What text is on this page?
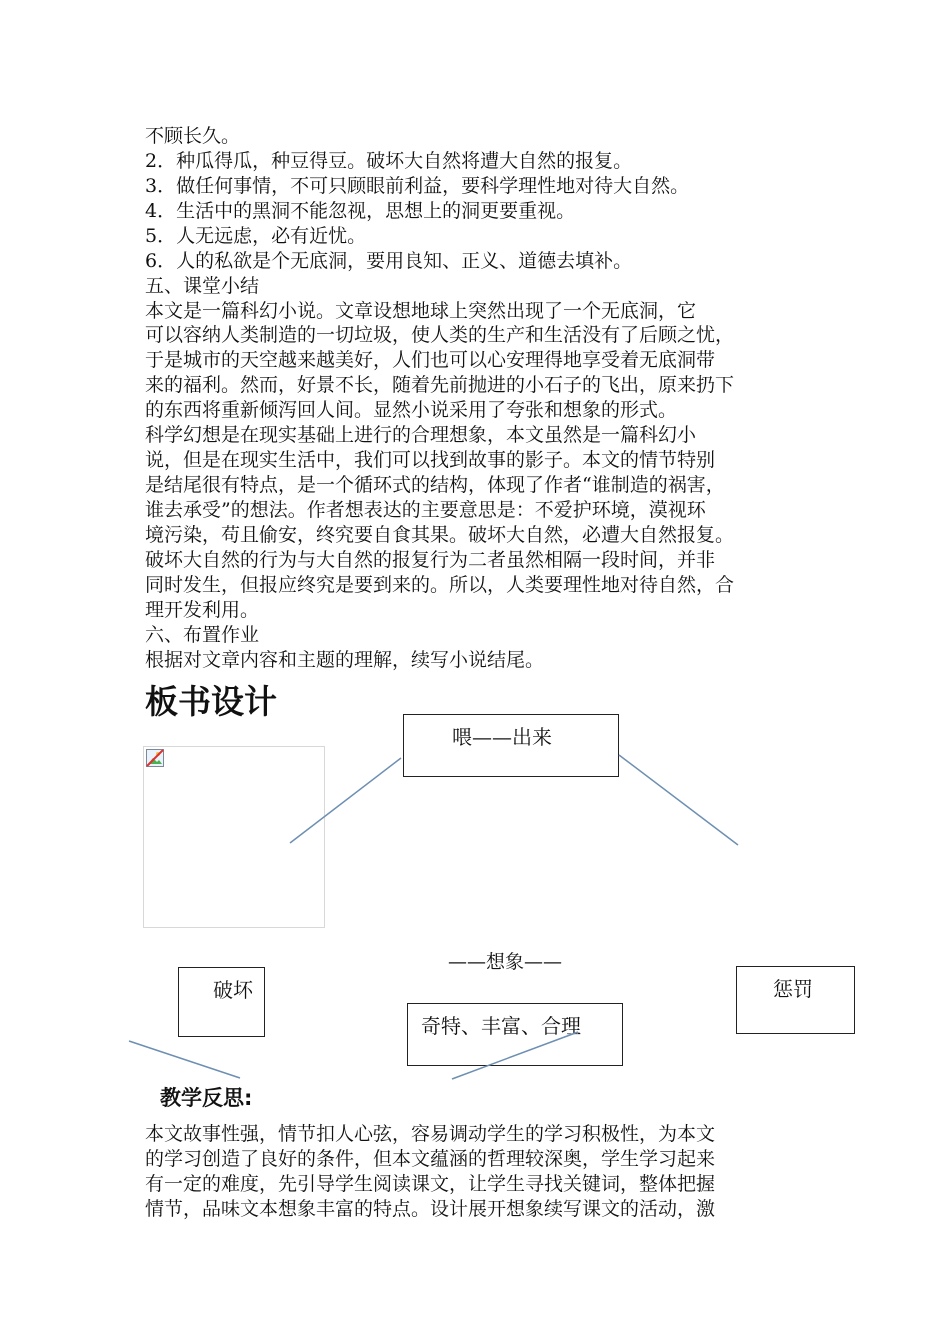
不顾长久。
2．种瓜得瓜，种豆得豆。破坏大自然将遭大自然的报复。
3．做任何事情，不可只顾眼前利益，要科学理性地对待大自然。
4．生活中的黑洞不能忽视，思想上的洞更要重视。
5．人无远虑，必有近忧。
6．人的私欲是个无底洞，要用良知、正义、道德去填补。
五、课堂小结
本文是一篇科幻小说。文章设想地球上突然出现了一个无底洞，它
可以容纳人类制造的一切垃圾，使人类的生产和生活没有了后顾之忧，
于是城市的天空越来越美好，人们也可以心安理得地享受着无底洞带
来的福利。然而，好景不长，随着先前抛进的小石子的飞出，原来扔下
的东西将重新倾泻回人间。显然小说采用了夸张和想象的形式。
科学幻想是在现实基础上进行的合理想象，本文虽然是一篇科幻小
说，但是在现实生活中，我们可以找到故事的影子。本文的情节特别
是结尾很有特点，是一个循环式的结构，体现了作者“谁制造的祸害，
谁去承受”的想法。作者想表达的主要意思是：不爱护环境，漠视环
境污染，苟且偷安，终究要自食其果。破坏大自然，必遭大自然报复。
破坏大自然的行为与大自然的报复行为二者虽然相隔一段时间，并非
同时发生，但报应终究是要到来的。所以，人类要理性地对待自然，合
理开发利用。
六、布置作业
根据对文章内容和主题的理解，续写小说结尾。
板书设计
喂——出来
——想象——
破坏	惩罚
奇特、丰富、合理
教学反思:
本文故事性强，情节扣人心弦，容易调动学生的学习积极性，为本文
的学习创造了良好的条件，但本文蕴涵的哲理较深奥，学生学习起来
有一定的难度，先引导学生阅读课文，让学生寻找关键词，整体把握
情节，品味文本想象丰富的特点。设计展开想象续写课文的活动，激
